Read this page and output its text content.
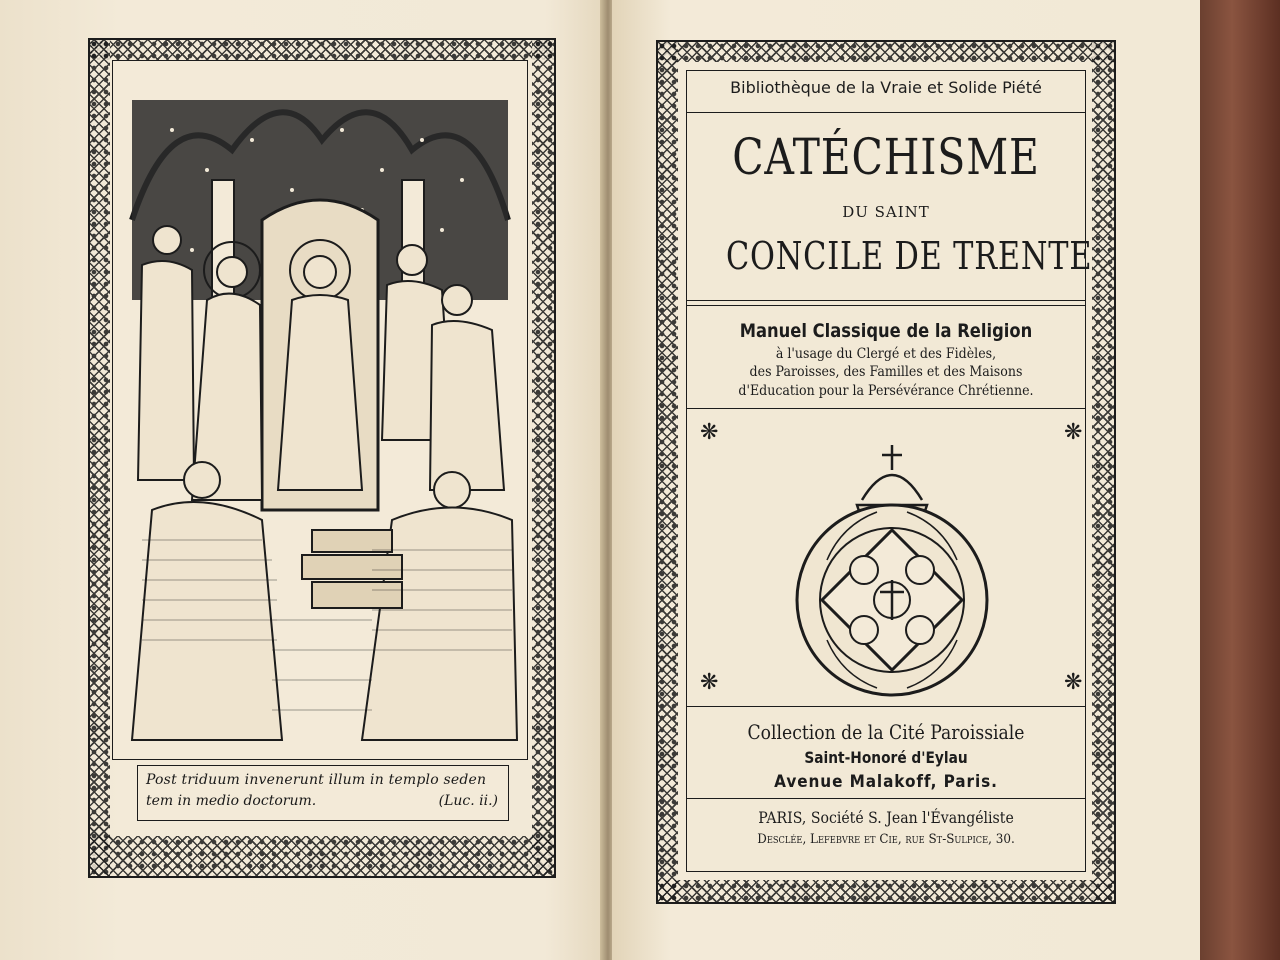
Post triduum invenerunt illum in templo seden
tem in medio doctorum.	(Luc. ii.)
Bibliothèque de la Vraie et Solide Piété
CATÉCHISME
DU SAINT
CONCILE DE TRENTE
Manuel Classique de la Religion
à l'usage du Clergé et des Fidèles,
des Paroisses, des Familles et des Maisons
d'Education pour la Persévérance Chrétienne.
❋	❋
❋	❋
Collection de la Cité Paroissiale
Saint-Honoré d'Eylau
Avenue Malakoff, Paris.
PARIS, Société S. Jean l'Évangéliste
Desclée, Lefebvre et Cie, rue St-Sulpice, 30.
